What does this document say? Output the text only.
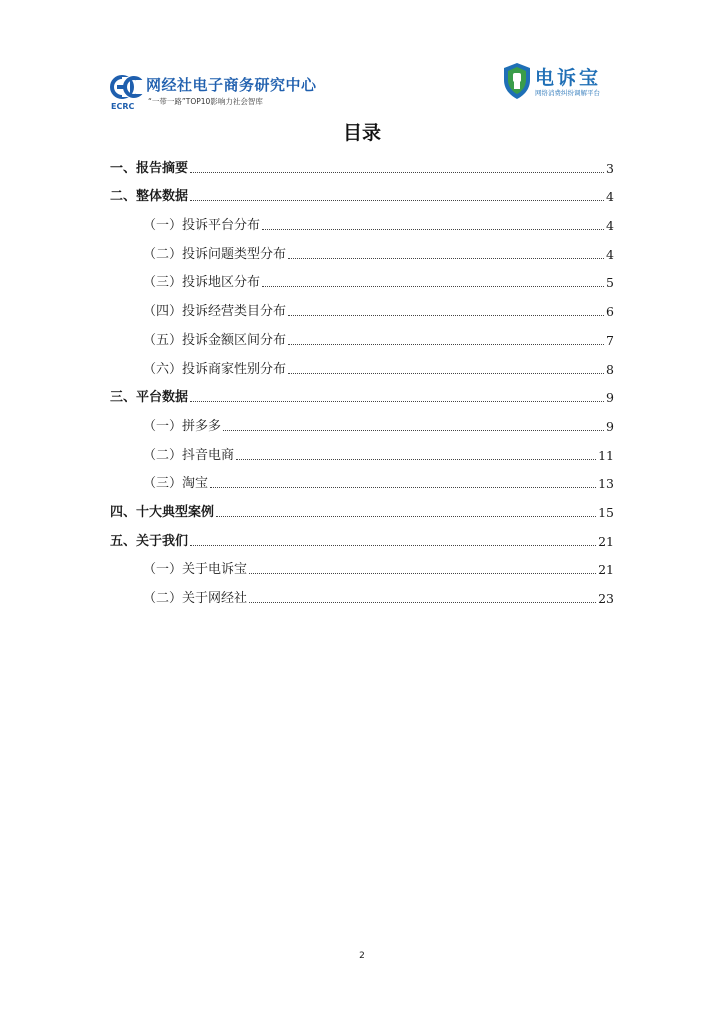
ECRC
网经社电子商务研究中心
“一带一路”TOP10影响力社会智库
电诉宝
网络消费纠纷调解平台
目录
一、报告摘要	3
二、整体数据	4
（一）投诉平台分布	4
（二）投诉问题类型分布	4
（三）投诉地区分布	5
（四）投诉经营类目分布	6
（五）投诉金额区间分布	7
（六）投诉商家性别分布	8
三、平台数据	9
（一）拼多多	9
（二）抖音电商	11
（三）淘宝	13
四、十大典型案例	15
五、关于我们	21
（一）关于电诉宝	21
（二）关于网经社	23
2
